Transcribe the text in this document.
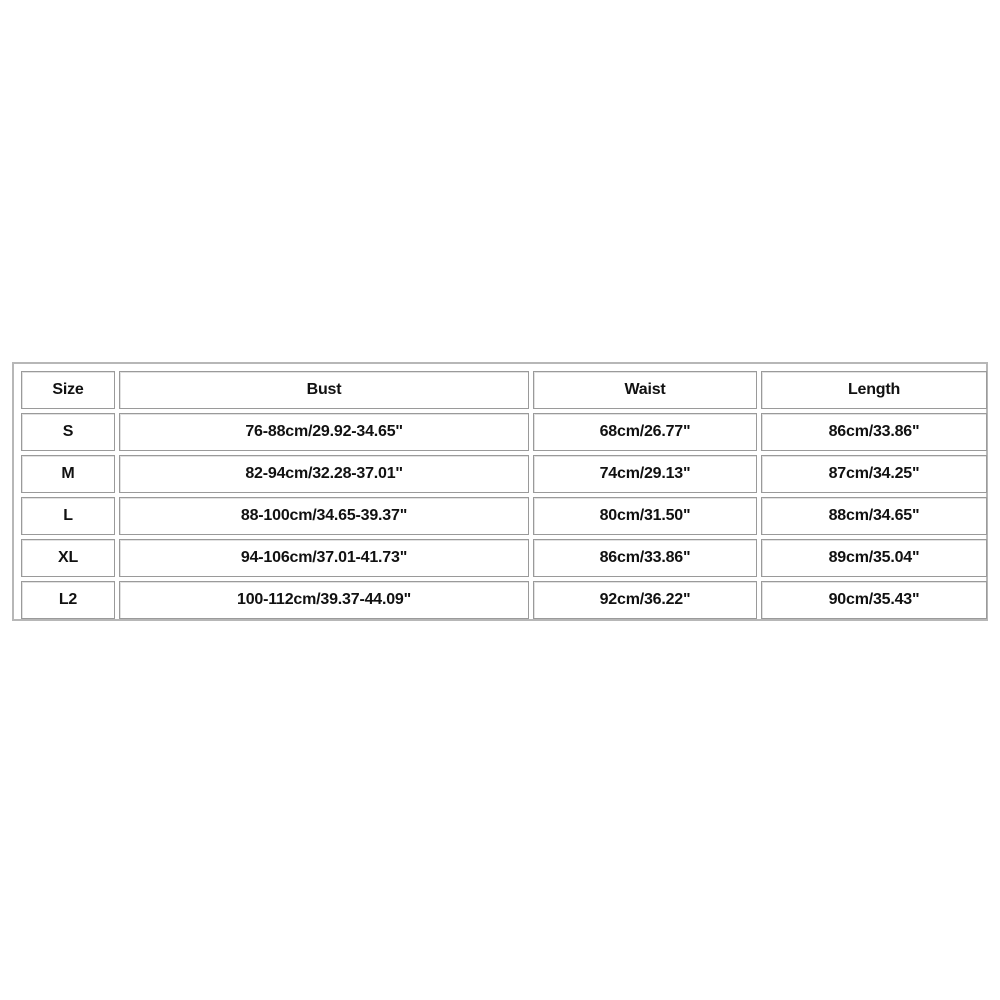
Size	Bust	Waist	Length
S	76-88cm/29.92-34.65''	68cm/26.77"	86cm/33.86"
M	82-94cm/32.28-37.01''	74cm/29.13"	87cm/34.25"
L	88-100cm/34.65-39.37"	80cm/31.50"	88cm/34.65"
XL	94-106cm/37.01-41.73"	86cm/33.86"	89cm/35.04"
L2	100-112cm/39.37-44.09"	92cm/36.22"	90cm/35.43"
